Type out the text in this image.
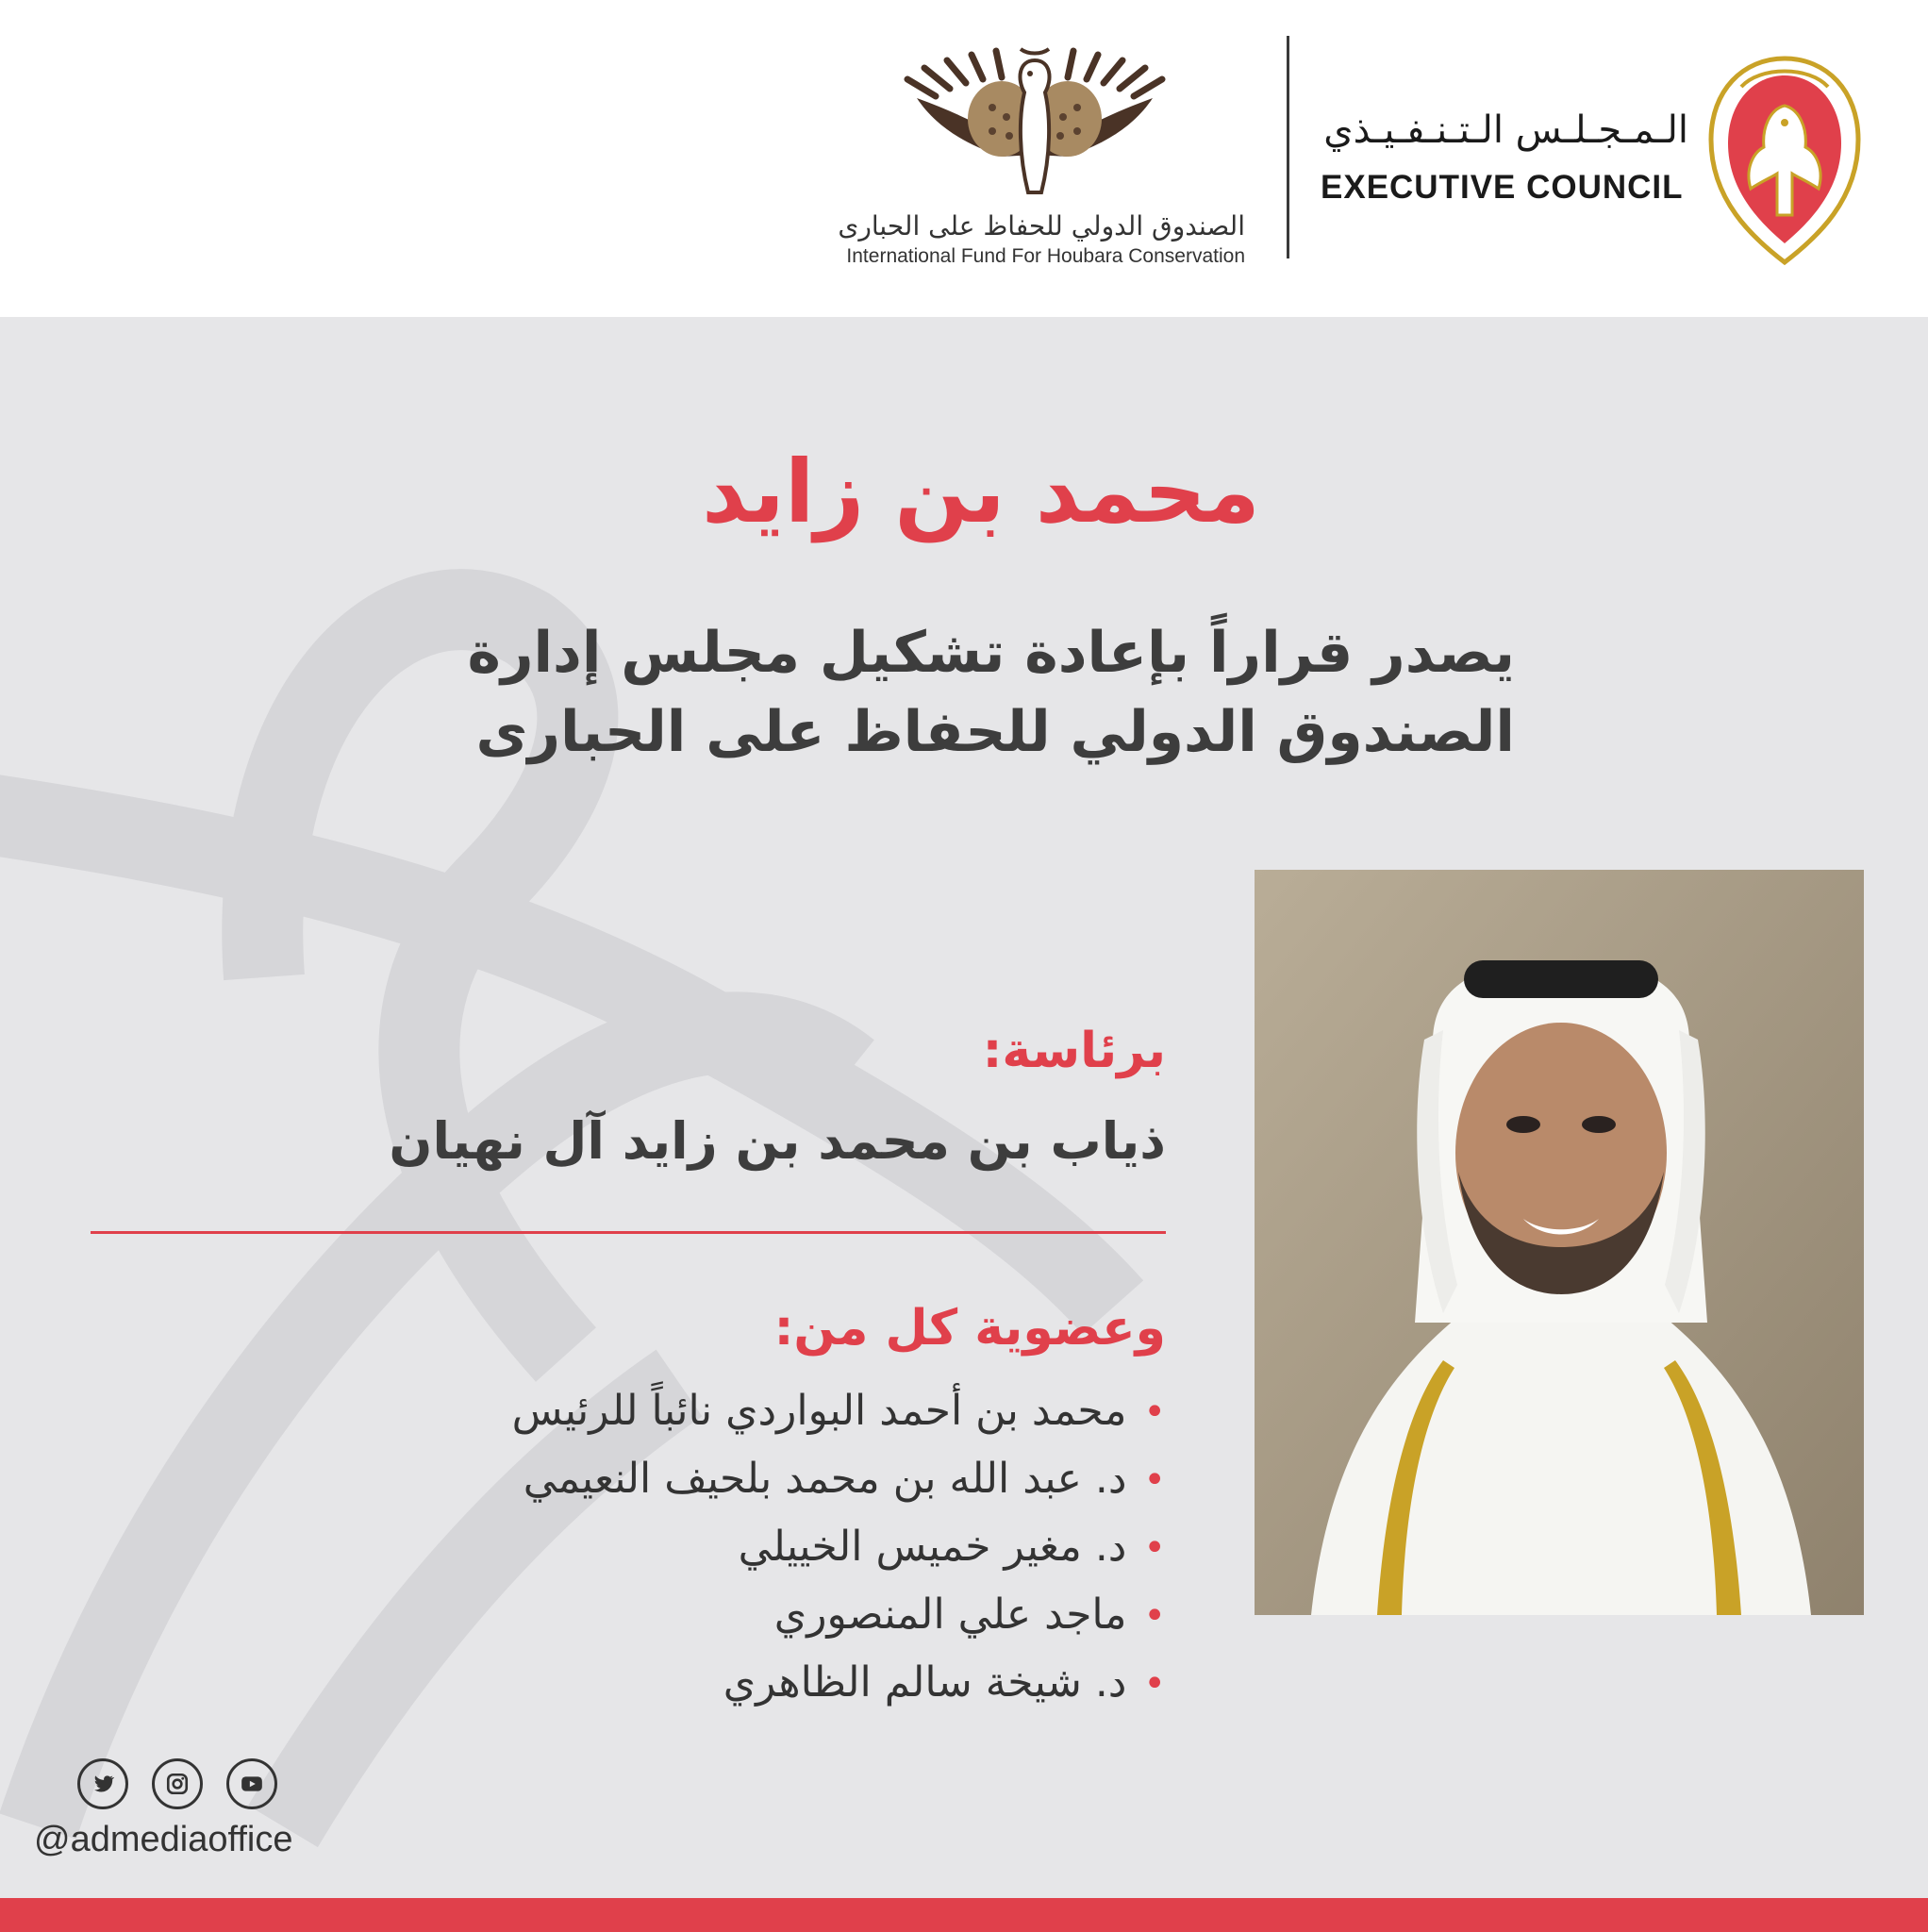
الصندوق الدولي للحفاظ على الحبارى
International Fund For Houbara Conservation
الـمـجـلـس الـتـنـفـيـذي
EXECUTIVE COUNCIL
محمد بن زايد
يصدر قراراً بإعادة تشكيل مجلس إدارة
الصندوق الدولي للحفاظ على الحبارى
برئاسة:
ذياب بن محمد بن زايد آل نهيان
وعضوية كل من:
•محمد بن أحمد البواردي نائباً للرئيس
•د. عبد الله بن محمد بلحيف النعيمي
•د. مغير خميس الخييلي
•ماجد علي المنصوري
•د. شيخة سالم الظاهري
@admediaoffice
